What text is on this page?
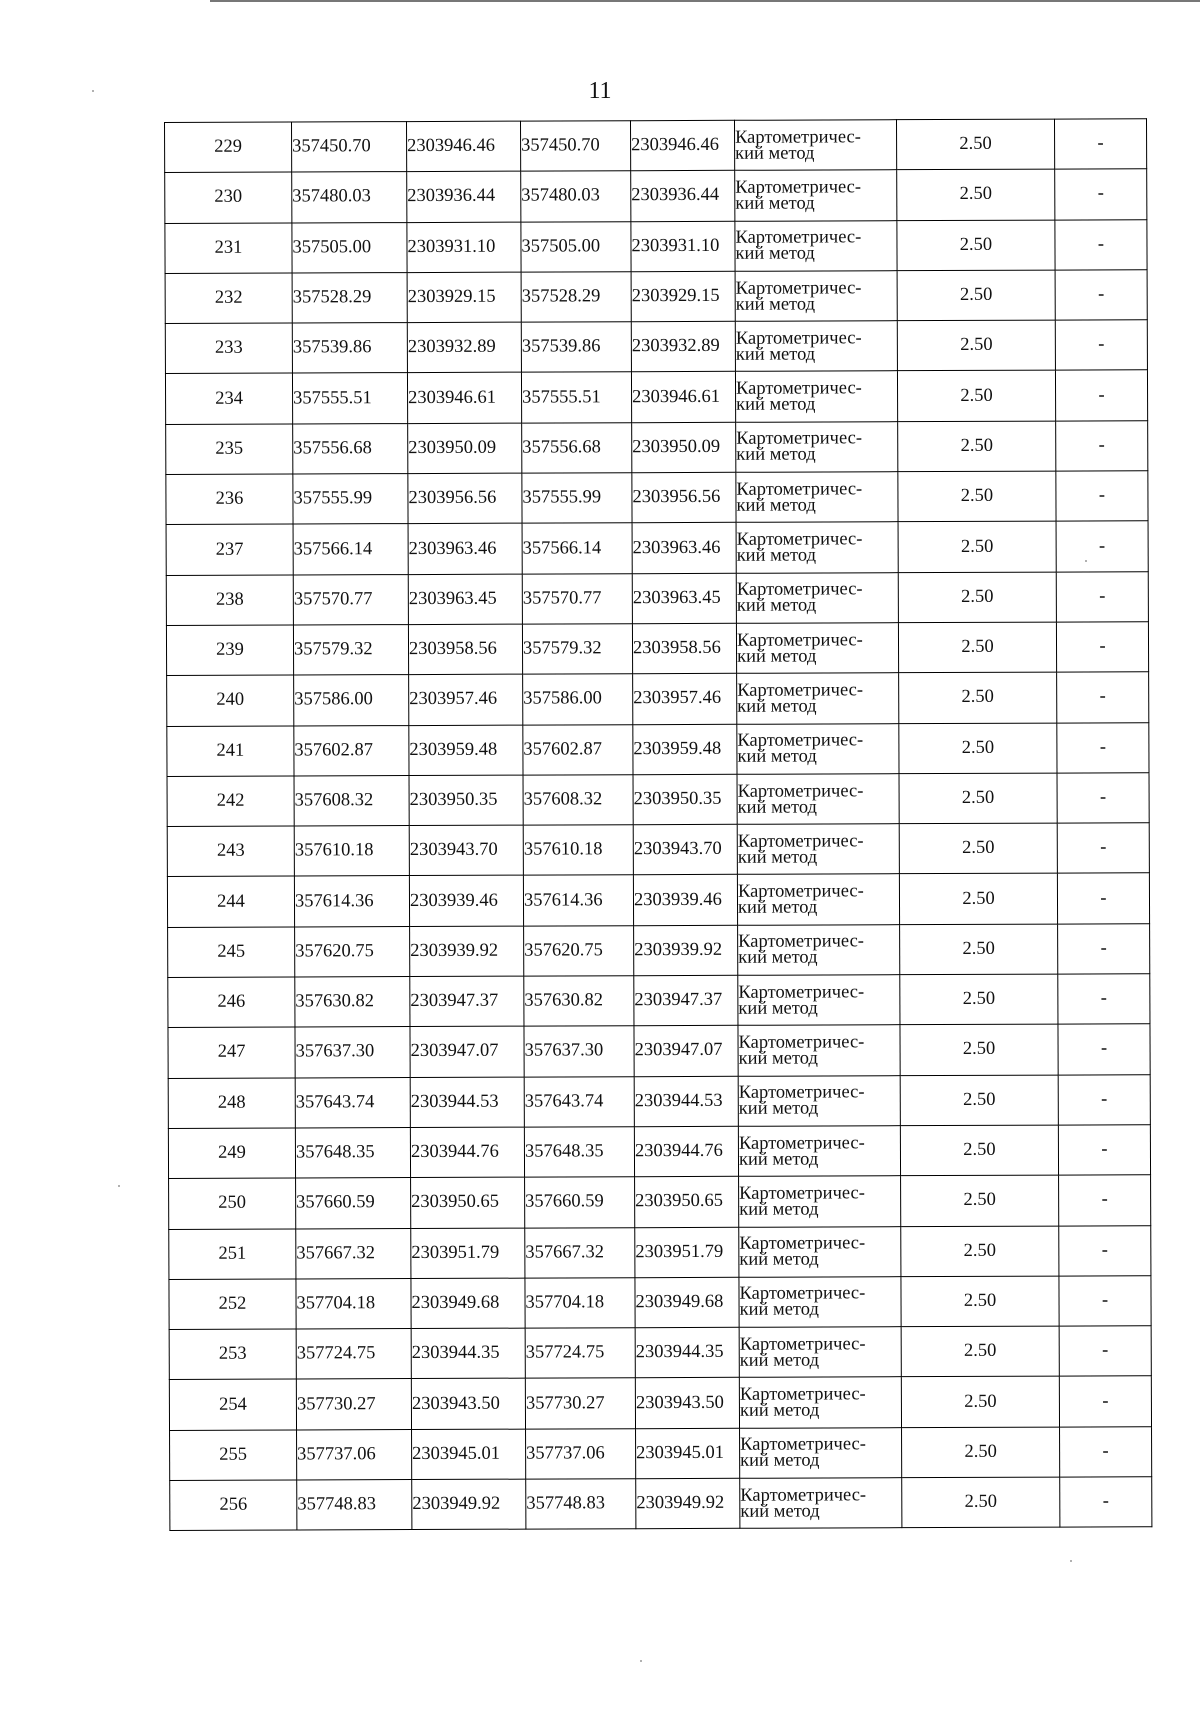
11
229	357450.70	2303946.46	357450.70	2303946.46	Картометричес-
кий метод	2.50	-
230	357480.03	2303936.44	357480.03	2303936.44	Картометричес-
кий метод	2.50	-
231	357505.00	2303931.10	357505.00	2303931.10	Картометричес-
кий метод	2.50	-
232	357528.29	2303929.15	357528.29	2303929.15	Картометричес-
кий метод	2.50	-
233	357539.86	2303932.89	357539.86	2303932.89	Картометричес-
кий метод	2.50	-
234	357555.51	2303946.61	357555.51	2303946.61	Картометричес-
кий метод	2.50	-
235	357556.68	2303950.09	357556.68	2303950.09	Картометричес-
кий метод	2.50	-
236	357555.99	2303956.56	357555.99	2303956.56	Картометричес-
кий метод	2.50	-
237	357566.14	2303963.46	357566.14	2303963.46	Картометричес-
кий метод	2.50	-
238	357570.77	2303963.45	357570.77	2303963.45	Картометричес-
кий метод	2.50	-
239	357579.32	2303958.56	357579.32	2303958.56	Картометричес-
кий метод	2.50	-
240	357586.00	2303957.46	357586.00	2303957.46	Картометричес-
кий метод	2.50	-
241	357602.87	2303959.48	357602.87	2303959.48	Картометричес-
кий метод	2.50	-
242	357608.32	2303950.35	357608.32	2303950.35	Картометричес-
кий метод	2.50	-
243	357610.18	2303943.70	357610.18	2303943.70	Картометричес-
кий метод	2.50	-
244	357614.36	2303939.46	357614.36	2303939.46	Картометричес-
кий метод	2.50	-
245	357620.75	2303939.92	357620.75	2303939.92	Картометричес-
кий метод	2.50	-
246	357630.82	2303947.37	357630.82	2303947.37	Картометричес-
кий метод	2.50	-
247	357637.30	2303947.07	357637.30	2303947.07	Картометричес-
кий метод	2.50	-
248	357643.74	2303944.53	357643.74	2303944.53	Картометричес-
кий метод	2.50	-
249	357648.35	2303944.76	357648.35	2303944.76	Картометричес-
кий метод	2.50	-
250	357660.59	2303950.65	357660.59	2303950.65	Картометричес-
кий метод	2.50	-
251	357667.32	2303951.79	357667.32	2303951.79	Картометричес-
кий метод	2.50	-
252	357704.18	2303949.68	357704.18	2303949.68	Картометричес-
кий метод	2.50	-
253	357724.75	2303944.35	357724.75	2303944.35	Картометричес-
кий метод	2.50	-
254	357730.27	2303943.50	357730.27	2303943.50	Картометричес-
кий метод	2.50	-
255	357737.06	2303945.01	357737.06	2303945.01	Картометричес-
кий метод	2.50	-
256	357748.83	2303949.92	357748.83	2303949.92	Картометричес-
кий метод	2.50	-
